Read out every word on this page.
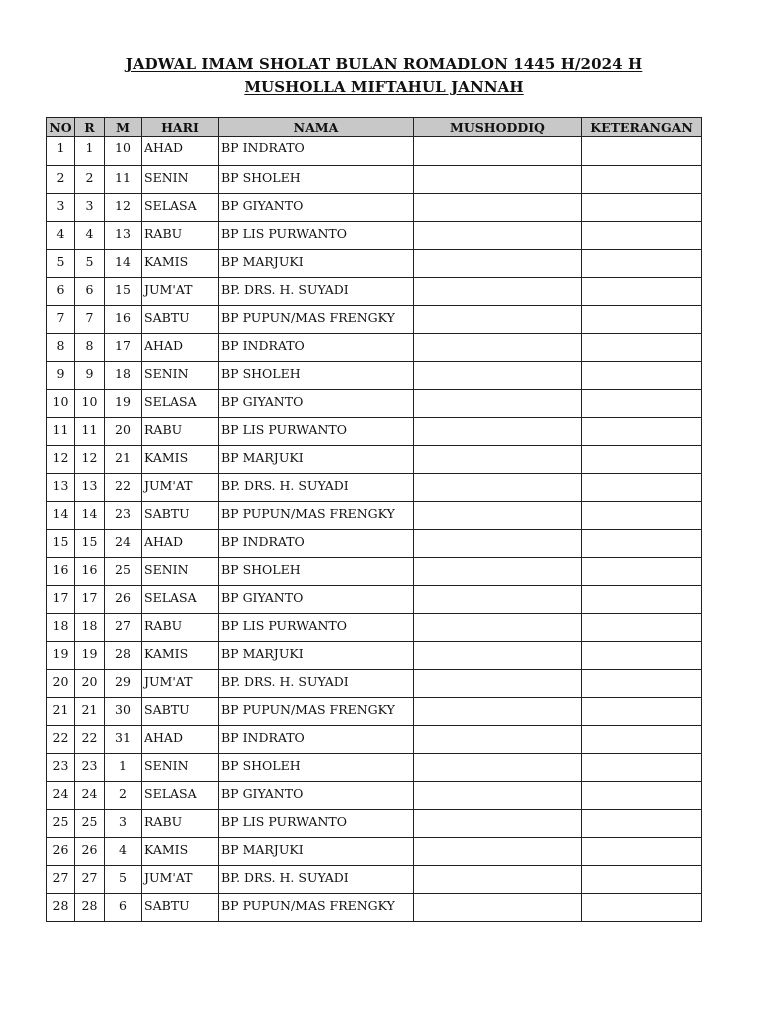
JADWAL IMAM SHOLAT BULAN ROMADLON 1445 H/2024 H
MUSHOLLA MIFTAHUL JANNAH
NO	R	M	HARI	NAMA	MUSHODDIQ	KETERANGAN
1	1	10	AHAD	BP INDRATO		
2	2	11	SENIN	BP SHOLEH		
3	3	12	SELASA	BP GIYANTO		
4	4	13	RABU	BP LIS PURWANTO		
5	5	14	KAMIS	BP MARJUKI		
6	6	15	JUM'AT	BP. DRS. H. SUYADI		
7	7	16	SABTU	BP PUPUN/MAS FRENGKY		
8	8	17	AHAD	BP INDRATO		
9	9	18	SENIN	BP SHOLEH		
10	10	19	SELASA	BP GIYANTO		
11	11	20	RABU	BP LIS PURWANTO		
12	12	21	KAMIS	BP MARJUKI		
13	13	22	JUM'AT	BP. DRS. H. SUYADI		
14	14	23	SABTU	BP PUPUN/MAS FRENGKY		
15	15	24	AHAD	BP INDRATO		
16	16	25	SENIN	BP SHOLEH		
17	17	26	SELASA	BP GIYANTO		
18	18	27	RABU	BP LIS PURWANTO		
19	19	28	KAMIS	BP MARJUKI		
20	20	29	JUM'AT	BP. DRS. H. SUYADI		
21	21	30	SABTU	BP PUPUN/MAS FRENGKY		
22	22	31	AHAD	BP INDRATO		
23	23	1	SENIN	BP SHOLEH		
24	24	2	SELASA	BP GIYANTO		
25	25	3	RABU	BP LIS PURWANTO		
26	26	4	KAMIS	BP MARJUKI		
27	27	5	JUM'AT	BP. DRS. H. SUYADI		
28	28	6	SABTU	BP PUPUN/MAS FRENGKY		
